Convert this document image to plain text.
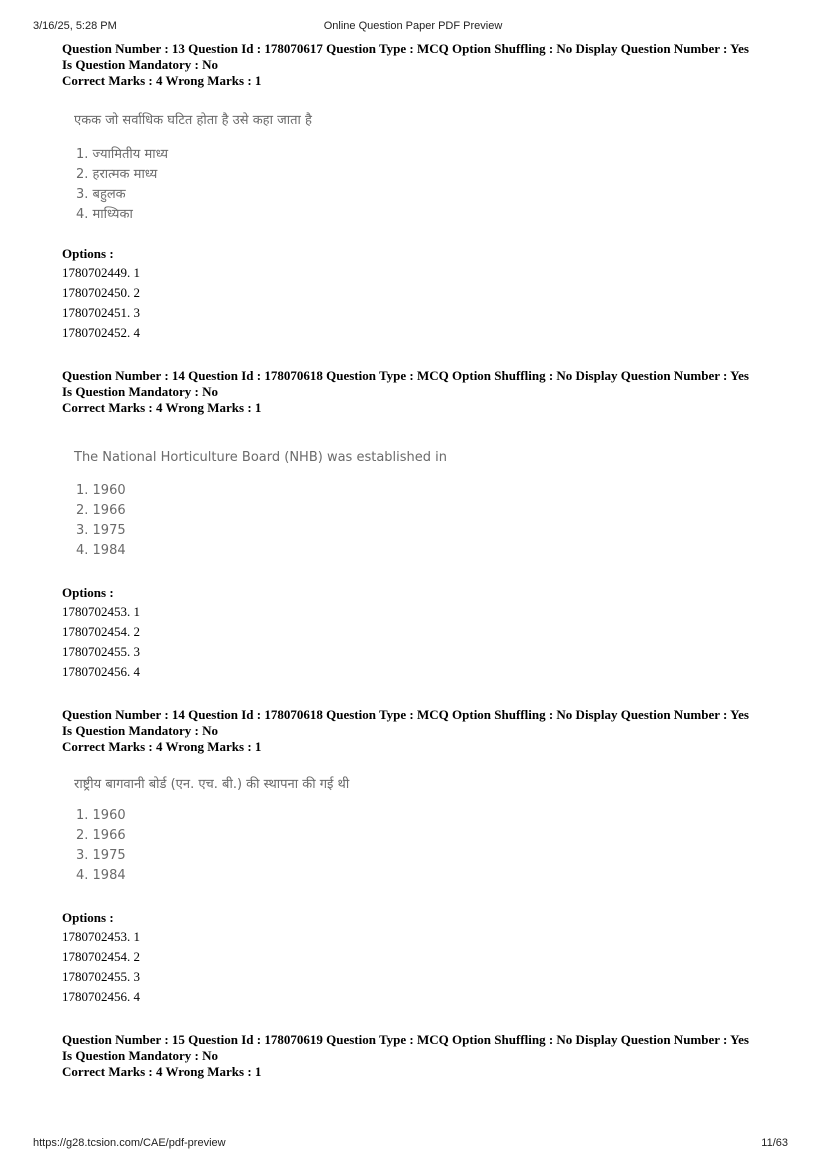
3/16/25, 5:28 PM	Online Question Paper PDF Preview
Question Number : 13 Question Id : 178070617 Question Type : MCQ Option Shuffling : No Display Question Number : Yes
Is Question Mandatory : No
Correct Marks : 4 Wrong Marks : 1
एकक जो सर्वाधिक घटित होता है उसे कहा जाता है
1. ज्यामितीय माध्य
2. हरात्मक माध्य
3. बहुलक
4. माध्यिका
Options :
1780702449. 1
1780702450. 2
1780702451. 3
1780702452. 4
Question Number : 14 Question Id : 178070618 Question Type : MCQ Option Shuffling : No Display Question Number : Yes
Is Question Mandatory : No
Correct Marks : 4 Wrong Marks : 1
The National Horticulture Board (NHB) was established in
1. 1960
2. 1966
3. 1975
4. 1984
Options :
1780702453. 1
1780702454. 2
1780702455. 3
1780702456. 4
Question Number : 14 Question Id : 178070618 Question Type : MCQ Option Shuffling : No Display Question Number : Yes
Is Question Mandatory : No
Correct Marks : 4 Wrong Marks : 1
राष्ट्रीय बागवानी बोर्ड (एन. एच. बी.) की स्थापना की गई थी
1. 1960
2. 1966
3. 1975
4. 1984
Options :
1780702453. 1
1780702454. 2
1780702455. 3
1780702456. 4
Question Number : 15 Question Id : 178070619 Question Type : MCQ Option Shuffling : No Display Question Number : Yes
Is Question Mandatory : No
Correct Marks : 4 Wrong Marks : 1
https://g28.tcsion.com/CAE/pdf-preview	11/63
